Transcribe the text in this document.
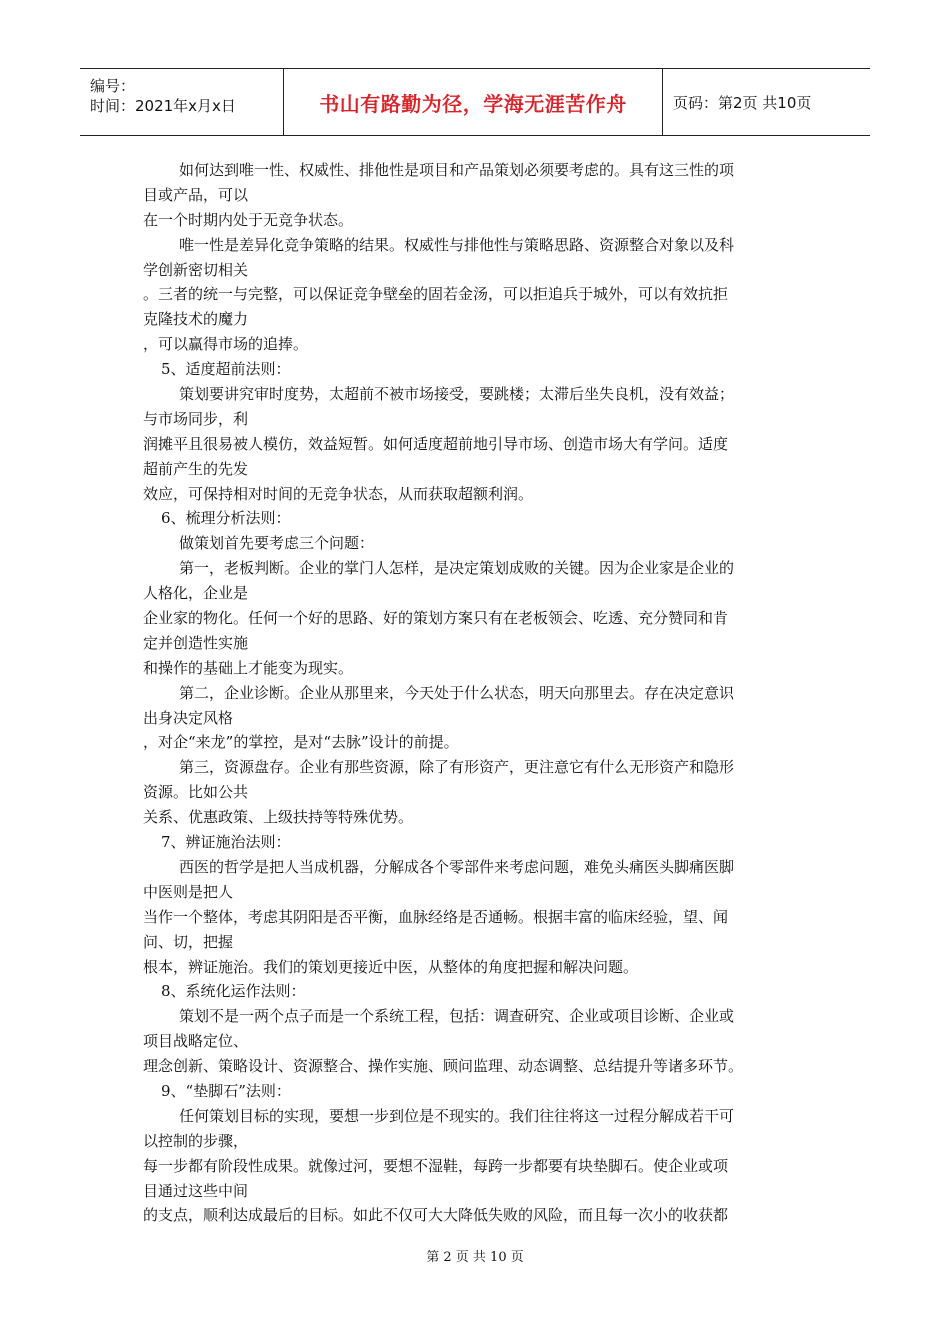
编号：
时间：2021年x月x日	书山有路勤为径，学海无涯苦作舟	页码：第2页 共10页
如何达到唯一性、权威性、排他性是项目和产品策划必须要考虑的。具有这三性的项
目或产品，可以
在一个时期内处于无竞争状态。
唯一性是差异化竞争策略的结果。权威性与排他性与策略思路、资源整合对象以及科
学创新密切相关
。三者的统一与完整，可以保证竞争壁垒的固若金汤，可以拒追兵于城外，可以有效抗拒
克隆技术的魔力
，可以赢得市场的追捧。
5、适度超前法则：
策划要讲究审时度势，太超前不被市场接受，要跳楼；太滞后坐失良机，没有效益；
与市场同步，利
润摊平且很易被人模仿，效益短暂。如何适度超前地引导市场、创造市场大有学问。适度
超前产生的先发
效应，可保持相对时间的无竞争状态，从而获取超额利润。
6、梳理分析法则：
做策划首先要考虑三个问题：
第一，老板判断。企业的掌门人怎样，是决定策划成败的关键。因为企业家是企业的
人格化，企业是
企业家的物化。任何一个好的思路、好的策划方案只有在老板领会、吃透、充分赞同和肯
定并创造性实施
和操作的基础上才能变为现实。
第二，企业诊断。企业从那里来，今天处于什么状态，明天向那里去。存在决定意识
出身决定风格
，对企“来龙”的掌控，是对“去脉”设计的前提。
第三，资源盘存。企业有那些资源，除了有形资产，更注意它有什么无形资产和隐形
资源。比如公共
关系、优惠政策、上级扶持等特殊优势。
7、辨证施治法则：
西医的哲学是把人当成机器，分解成各个零部件来考虑问题，难免头痛医头脚痛医脚
中医则是把人
当作一个整体，考虑其阴阳是否平衡，血脉经络是否通畅。根据丰富的临床经验，望、闻
问、切，把握
根本，辨证施治。我们的策划更接近中医，从整体的角度把握和解决问题。
8、系统化运作法则：
策划不是一两个点子而是一个系统工程，包括：调查研究、企业或项目诊断、企业或
项目战略定位、
理念创新、策略设计、资源整合、操作实施、顾问监理、动态调整、总结提升等诸多环节。
9、“垫脚石”法则：
任何策划目标的实现，要想一步到位是不现实的。我们往往将这一过程分解成若干可
以控制的步骤，
每一步都有阶段性成果。就像过河，要想不湿鞋，每跨一步都要有块垫脚石。使企业或项
目通过这些中间
的支点，顺利达成最后的目标。如此不仅可大大降低失败的风险，而且每一次小的收获都
第 2 页 共 10 页
